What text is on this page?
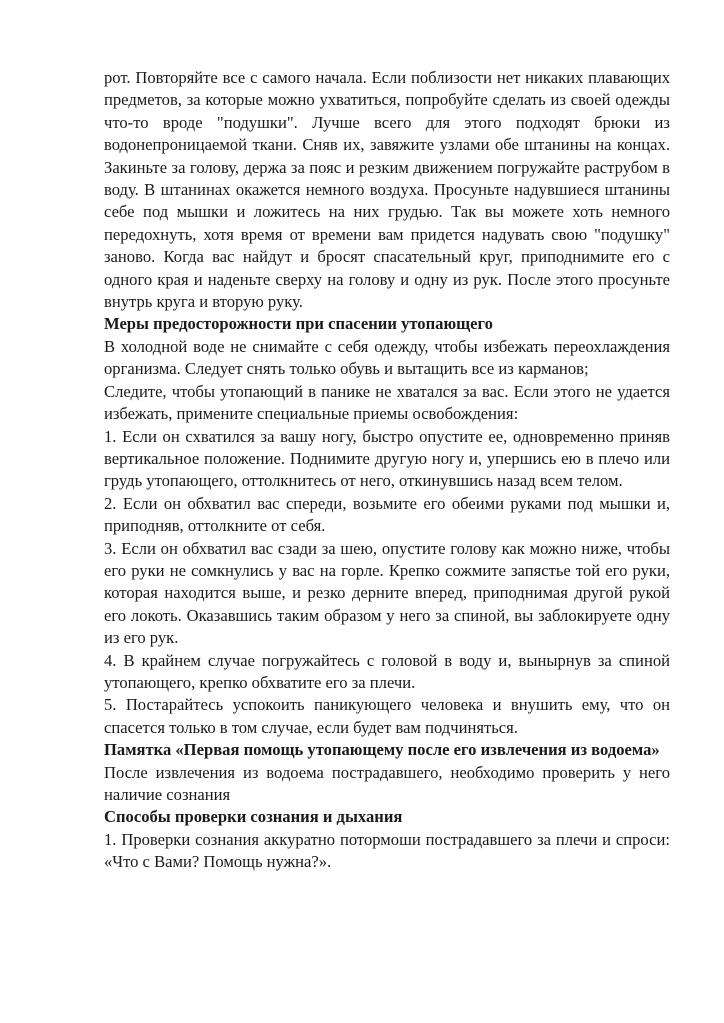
рот. Повторяйте все с самого начала. Если поблизости нет никаких плавающих предметов, за которые можно ухватиться, попробуйте сделать из своей одежды что-то вроде "подушки". Лучше всего для этого подходят брюки из водонепроницаемой ткани. Сняв их, завяжите узлами обе штанины на концах. Закиньте за голову, держа за пояс и резким движением погружайте раструбом в воду. В штанинах окажется немного воздуха. Просуньте надувшиеся штанины себе под мышки и ложитесь на них грудью. Так вы можете хоть немного передохнуть, хотя время от времени вам придется надувать свою "подушку" заново. Когда вас найдут и бросят спасательный круг, приподнимите его с одного края и наденьте сверху на голову и одну из рук. После этого просуньте внутрь круга и вторую руку.

Меры предосторожности при спасении утопающего

В холодной воде не снимайте с себя одежду, чтобы избежать переохлаждения организма. Следует снять только обувь и вытащить все из карманов;

Следите, чтобы утопающий в панике не хватался за вас. Если этого не удается избежать, примените специальные приемы освобождения:

1. Если он схватился за вашу ногу, быстро опустите ее, одновременно приняв вертикальное положение. Поднимите другую ногу и, упершись ею в плечо или грудь утопающего, оттолкнитесь от него, откинувшись назад всем телом.

2. Если он обхватил вас спереди, возьмите его обеими руками под мышки и, приподняв, оттолкните от себя.

3. Если он обхватил вас сзади за шею, опустите голову как можно ниже, чтобы его руки не сомкнулись у вас на горле. Крепко сожмите запястье той его руки, которая находится выше, и резко дерните вперед, приподнимая другой рукой его локоть. Оказавшись таким образом у него за спиной, вы заблокируете одну из его рук.

4. В крайнем случае погружайтесь с головой в воду и, вынырнув за спиной утопающего, крепко обхватите его за плечи.

5. Постарайтесь успокоить паникующего человека и внушить ему, что он спасется только в том случае, если будет вам подчиняться.

Памятка «Первая помощь утопающему после его извлечения из водоема»

После извлечения из водоема пострадавшего, необходимо проверить у него наличие сознания

Способы проверки сознания и дыхания

1. Проверки сознания аккуратно потормоши пострадавшего за плечи и спроси: «Что с Вами? Помощь нужна?».
